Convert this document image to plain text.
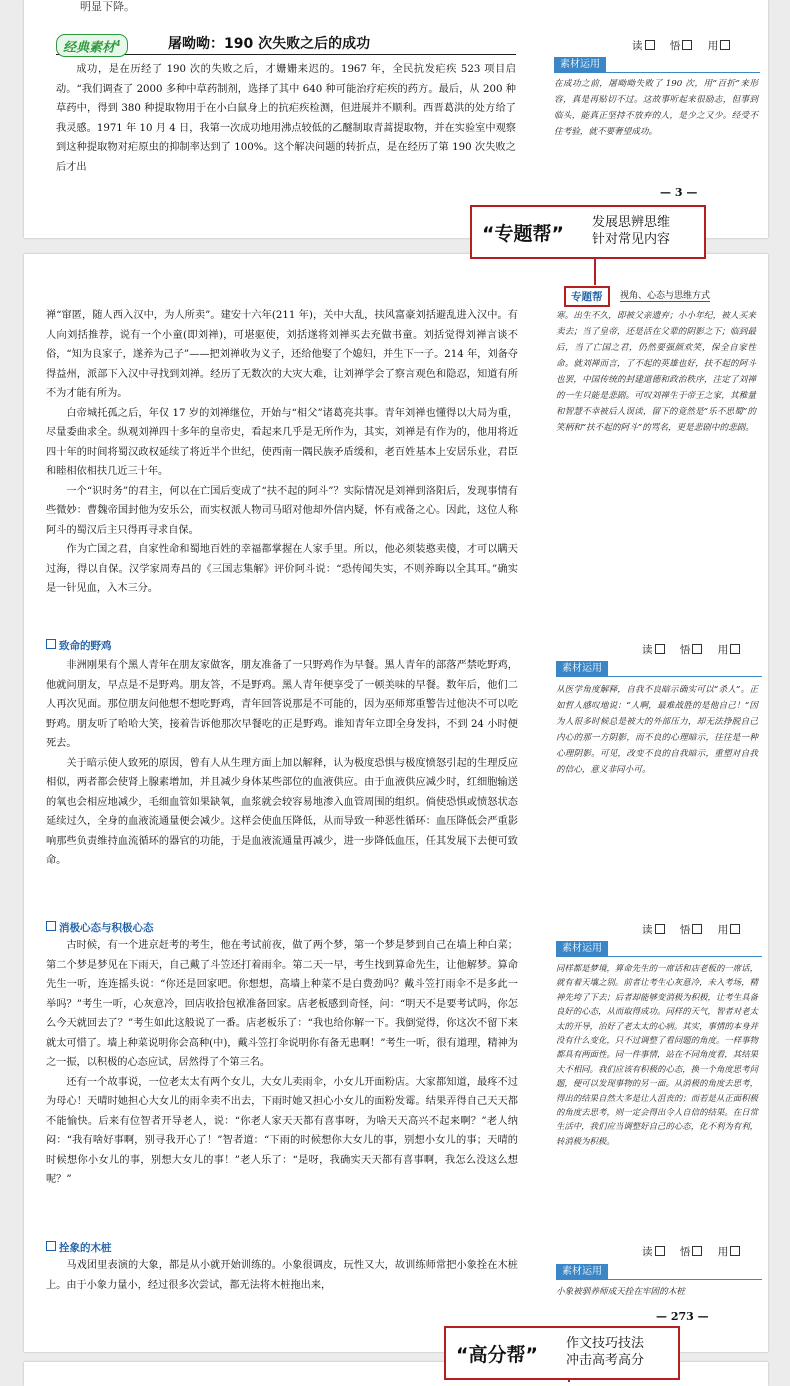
明显下降。
经典素材$^4$	屠呦呦：190 次失败之后的成功

成功，是在历经了 190 次的失败之后，才姗姗来迟的。1967 年，全民抗发疟疾 523 项目启动。“我们调查了 2000 多种中草药制剂，选择了其中 640 种可能治疗疟疾的药方。最后，从 200 种草药中，得到 380 种提取物用于在小白鼠身上的抗疟疾检测，但进展并不顺利。西晋葛洪的处方给了我灵感。1971 年 10 月 4 日，我第一次成功地用沸点较低的乙醚制取青蒿提取物，并在实验室中观察到这种提取物对疟原虫的抑制率达到了 100%。这个解决问题的转折点，是在经历了第 190 次失败之后才出

读	悟	用
素材运用
在成功之前，屠呦呦失败了 190 次，用“百折”来形容，真是再贴切不过。这故事听起来很励志，但事到临头，能真正坚持不放弃的人，是少之又少。经受不住考验，就不要奢望成功。
— 3 —
“专题帮”
发展思辨思维
针对常见内容
专题帮	视角、心态与思维方式

禅“窜匿，随人西入汉中，为人所卖”。建安十六年(211 年)，关中大乱，扶风富豪刘括避乱进入汉中。有人向刘括推荐，说有一个小童(即刘禅)，可堪驱使，刘括遂将刘禅买去充做书童。刘括觉得刘禅言谈不俗，“知为良家子，遂养为己子”——把刘禅收为义子，还给他娶了个媳妇，并生下一子。214 年，刘备夺得益州，派部下入汉中寻找到刘禅。经历了无数次的大灾大难，让刘禅学会了察言观色和隐忍，知道有所不为才能有所为。

白帝城托孤之后，年仅 17 岁的刘禅继位，开始与“相父”诸葛亮共事。青年刘禅也懂得以大局为重，尽量委曲求全。纵观刘禅四十多年的皇帝史，看起来几乎是无所作为，其实，刘禅是有作为的，他用将近四十年的时间将蜀汉政权延续了将近半个世纪，使西南一隅民族矛盾缓和，老百姓基本上安居乐业，君臣和睦相依相扶几近三十年。

一个“识时务”的君主，何以在亡国后变成了“扶不起的阿斗”？实际情况是刘禅到洛阳后，发现事情有些微妙：曹魏帝国封他为安乐公，而实权派人物司马昭对他却外信内疑，怀有戒备之心。因此，这位人称阿斗的蜀汉后主只得再寻求自保。

作为亡国之君，自家性命和蜀地百姓的幸福都掌握在人家手里。所以，他必须装憨卖傻，才可以瞒天过海，得以自保。汉学家周寿昌的《三国志集解》评价阿斗说：“恐传闻失实，不则养晦以全其耳。”确实是一针见血，入木三分。

寒。出生不久，即被父亲遗弃；小小年纪，被人买来卖去；当了皇帝，还是活在父辈的阴影之下；临到最后，当了亡国之君，仍然要强颜欢笑，保全自家性命。就刘禅而言，了不起的英雄也好，扶不起的阿斗也罢，中国传统的封建道德和政治秩序，注定了刘禅的一生只能是悲剧。可叹刘禅生于帝王之家，其稚量和智慧不幸被后人误读，留下的竟然是“乐不思蜀”的笑柄和“扶不起的阿斗”的骂名，更是悲剧中的悲剧。
致命的野鸡

非洲刚果有个黑人青年在朋友家做客，朋友准备了一只野鸡作为早餐。黑人青年的部落严禁吃野鸡，他就问朋友，早点是不是野鸡。朋友答，不是野鸡。黑人青年便享受了一顿美味的早餐。数年后，他们二人再次见面。那位朋友问他想不想吃野鸡，青年回答说那是不可能的，因为巫师郑重警告过他决不可以吃野鸡。朋友听了哈哈大笑，接着告诉他那次早餐吃的正是野鸡。谁知青年立即全身发抖，不到 24 小时便死去。

关于暗示使人致死的原因，曾有人从生理方面上加以解释，认为极度恐惧与极度愤怒引起的生理反应相似，两者都会使肾上腺素增加，并且减少身体某些部位的血液供应。由于血液供应减少时，红细胞输送的氧也会相应地减少，毛细血管如果缺氧，血浆就会较容易地渗入血管周围的组织。倘使恐惧或愤怒状态延续过久，全身的血液流通量便会减少。这样会使血压降低，从而导致一种恶性循环：血压降低会严重影响那些负责维持血流循环的器官的功能，于是血液流通量再减少，进一步降低血压，任其发展下去便可致命。

读	悟	用
素材运用
从医学角度解释，自我不良暗示确实可以“杀人”。正如哲人感叹地说：“人啊，最难战胜的是他自己！”因为人很多时候总是被大的外部压力，却无法挣脱自己内心的那一方阴影，而不良的心理暗示，往往是一种心理阴影。可见，改变不良的自我暗示，重塑对自我的信心，意义非同小可。
消极心态与积极心态

古时候，有一个进京赶考的考生，他在考试前夜，做了两个梦，第一个梦是梦到自己在墙上种白菜；第二个梦是梦见在下雨天，自己戴了斗笠还打着雨伞。第二天一早，考生找到算命先生，让他解梦。算命先生一听，连连摇头说：“你还是回家吧。你想想，高墙上种菜不是白费劲吗？戴斗笠打雨伞不是多此一举吗？”考生一听，心灰意冷，回店收拾包袱准备回家。店老板感到奇怪，问：“明天不是要考试吗，你怎么今天就回去了？”考生如此这般说了一番。店老板乐了：“我也给你解一下。我倒觉得，你这次不留下来就太可惜了。墙上种菜说明你会高种(中)，戴斗笠打伞说明你有备无患啊！”考生一听，很有道理，精神为之一振，以积极的心态应试，居然得了个第三名。

还有一个故事说，一位老太太有两个女儿，大女儿卖雨伞，小女儿开面粉店。大家都知道，最疼不过为母心！天晴时她担心大女儿的雨伞卖不出去，下雨时她又担心小女儿的面粉发霉。结果弄得自己天天都不能愉快。后来有位智者开导老人，说：“你老人家天天都有喜事呀，为啥天天高兴不起来啊？”老人纳闷：“我有啥好事啊，别寻我开心了！”智者道：“下雨的时候想你大女儿的事，别想小女儿的事；天晴的时候想你小女儿的事，别想大女儿的事！”老人乐了：“是呀，我确实天天都有喜事啊，我怎么没这么想呢？”

读	悟	用
素材运用
同样都是梦境，算命先生的一席话和店老板的一席话，就有着天壤之别。前者让考生心灰意冷，未入考场，精神先垮了下去；后者却能够变消极为积极，让考生具备良好的心态，从而取得成功。同样的天气，智者对老太太的开导，治好了老太太的心病。其实，事情的本身并没有什么变化，只不过调整了看问题的角度。一样事物都具有两面性。同一件事情，站在不同角度看，其结果大不相同。我们应该有积极的心态，换一个角度思考问题，便可以发现事物的另一面。从消极的角度去思考，得出的结果自然大多是让人沮丧的；而若是从正面积极的角度去思考，则一定会得出令人自信的结果。在日常生活中，我们应当调整好自己的心态，化不利为有利，转消极为积极。
拴象的木桩

马戏团里表演的大象，都是从小就开始训练的。小象很调皮，玩性又大，故训练师常把小象拴在木桩上。由于小象力量小，经过很多次尝试，都无法将木桩拖出来，

读	悟	用
素材运用
小象被驯养师成天拴在牢固的木桩
— 273 —
“高分帮”
作文技巧技法
冲击高考高分
